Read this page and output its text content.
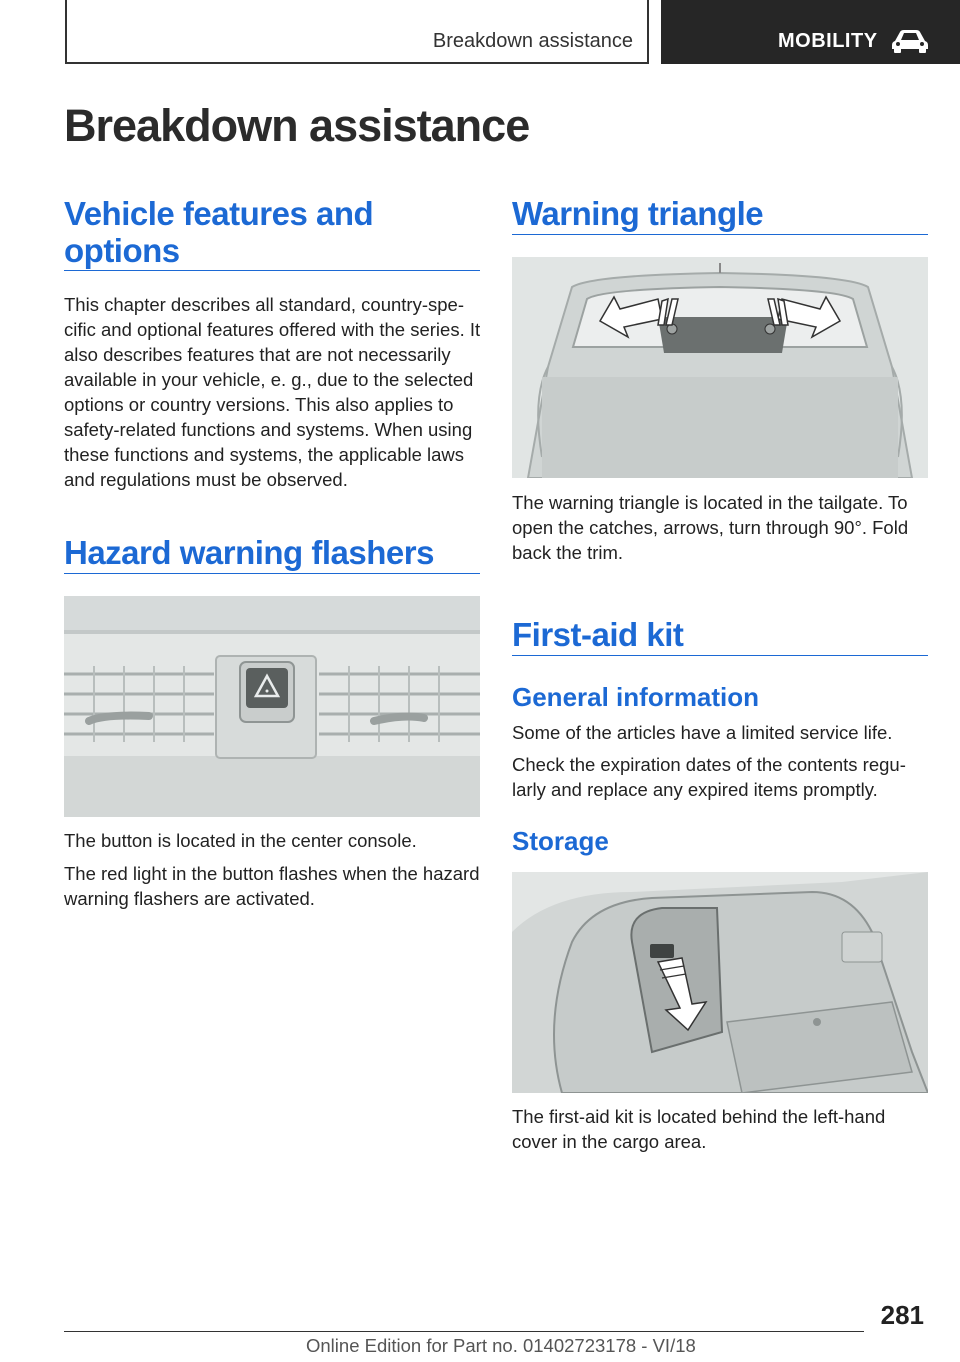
Breakdown assistance	MOBILITY
Breakdown assistance
Vehicle features and options

This chapter describes all standard, country-specific and optional features offered with the series. It also describes features that are not necessarily available in your vehicle, e. g., due to the selected options or country versions. This also applies to safety-related functions and systems. When using these functions and systems, the applicable laws and regulations must be observed.

Hazard warning flashers

The button is located in the center console.

The red light in the button flashes when the hazard warning flashers are activated.

Warning triangle

The warning triangle is located in the tailgate. To open the catches, arrows, turn through 90°. Fold back the trim.

First-aid kit
General information

Some of the articles have a limited service life.

Check the expiration dates of the contents regularly and replace any expired items promptly.

Storage

The first-aid kit is located behind the left-hand cover in the cargo area.

281
Online Edition for Part no. 01402723178 - VI/18
